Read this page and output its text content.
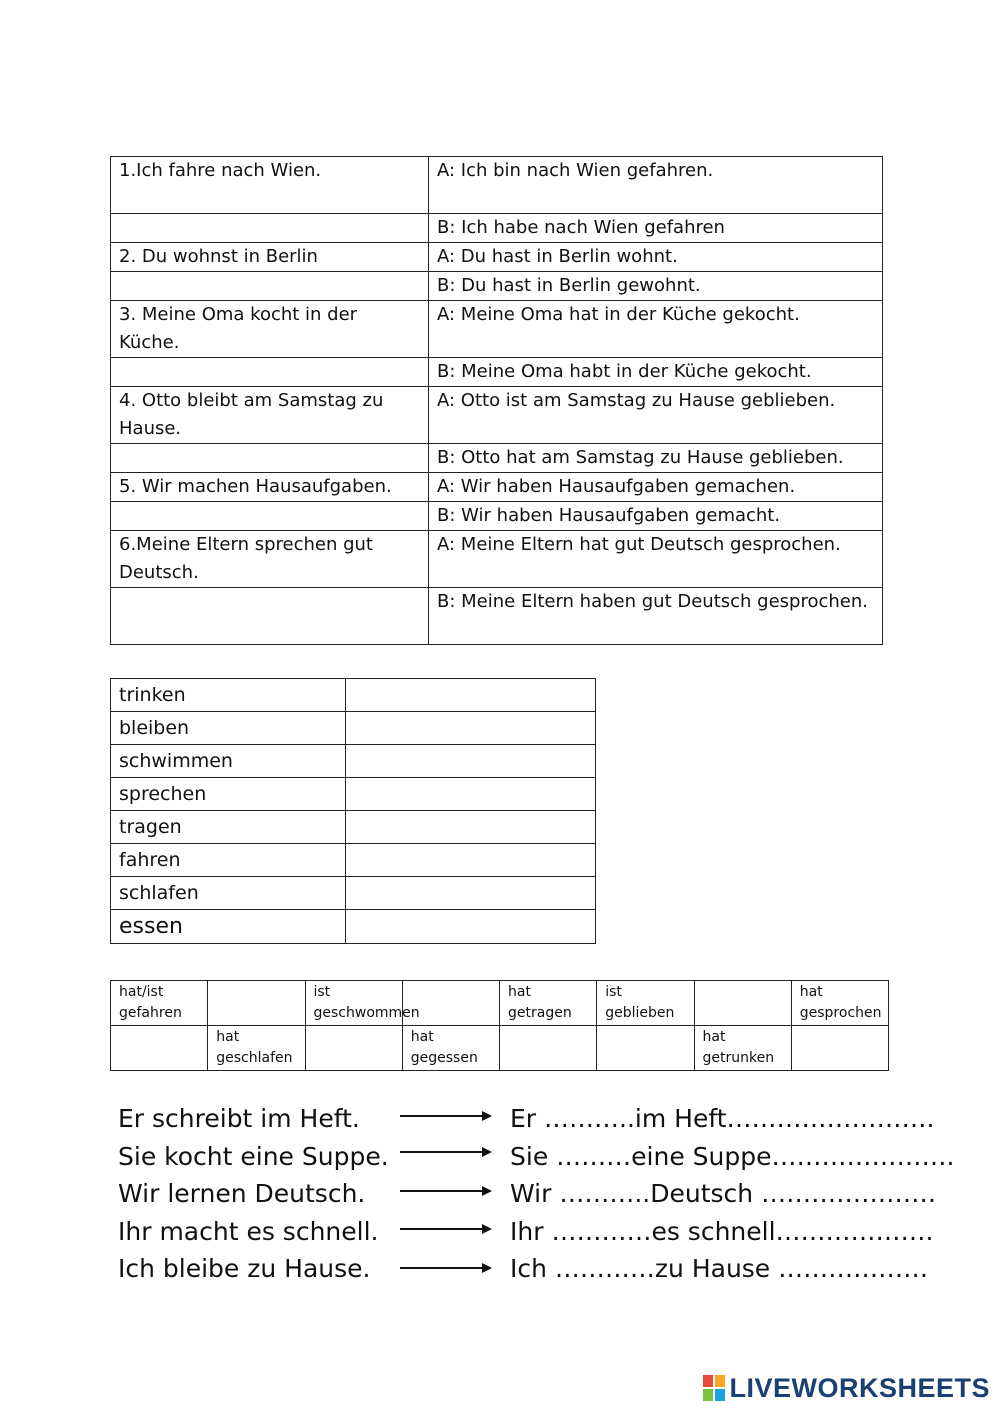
1.Ich fahre nach Wien.	A: Ich bin nach Wien gefahren.
	B: Ich habe nach Wien gefahren
2. Du wohnst in Berlin	A: Du hast in Berlin wohnt.
	B: Du hast in Berlin gewohnt.
3. Meine Oma kocht in der Küche.	A: Meine Oma hat in der Küche gekocht.
	B: Meine Oma habt in der Küche gekocht.
4. Otto bleibt am Samstag zu Hause.	A: Otto ist am Samstag zu Hause geblieben.
	B: Otto hat am Samstag zu Hause geblieben.
5. Wir machen Hausaufgaben.	A: Wir haben Hausaufgaben gemachen.
	B: Wir haben Hausaufgaben gemacht.
6.Meine Eltern sprechen gut Deutsch.	A: Meine Eltern hat gut Deutsch gesprochen.
	B: Meine Eltern haben gut Deutsch gesprochen.
trinken	
bleiben	
schwimmen	
sprechen	
tragen	
fahren	
schlafen	
essen	
hat/ist gefahren		ist geschwommen		hat getragen	ist geblieben		hat gesprochen
	hat geschlafen		hat gegessen			hat getrunken	
Er schreibt im Heft.	Er ………..im Heft…………………….
Sie kocht eine Suppe.	Sie ………eine Suppe………………….
Wir lernen Deutsch.	Wir ………..Deutsch …………………
Ihr macht es schnell.	Ihr …………es schnell……………….
Ich bleibe zu Hause.	Ich …………zu Hause ………………
LIVEWORKSHEETS
